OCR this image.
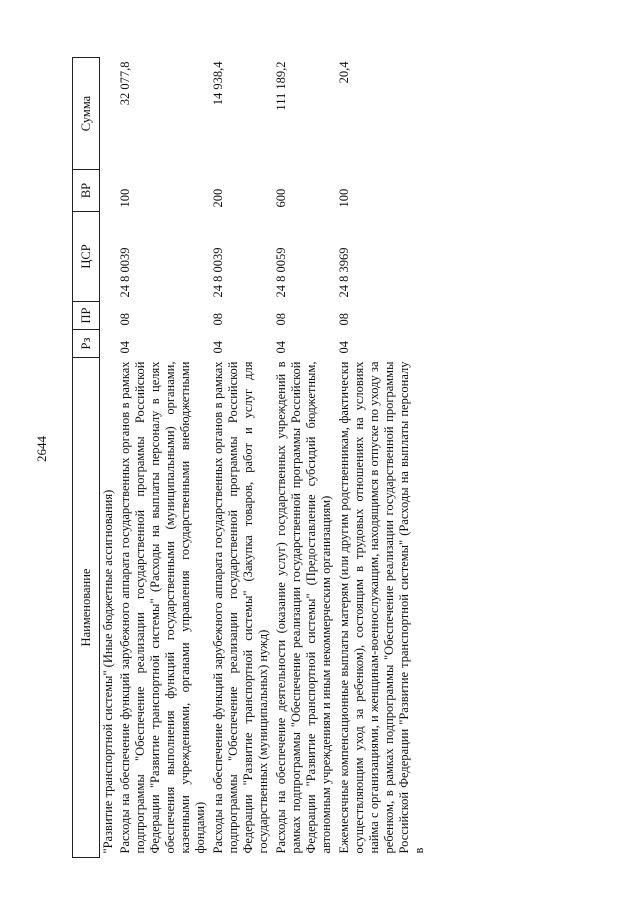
2644
Наименование	Рз	ПР	ЦСР	ВР	Сумма
"Развитие транспортной системы" (Иные бюджетные ассигнования)					
Расходы на обеспечение функций зарубежного аппарата государственных органов в рамках подпрограммы "Обеспечение реализации государственной программы Российской Федерации "Развитие транспортной системы" (Расходы на выплаты персоналу в целях обеспечения выполнения функций государственными (муниципальными) органами, казенными учреждениями, органами управления государственными внебюджетными фондами)	04	08	24 8 0039	100	32 077,8
Расходы на обеспечение функций зарубежного аппарата государственных органов в рамках подпрограммы "Обеспечение реализации государственной программы Российской Федерации "Развитие транспортной системы" (Закупка товаров, работ и услуг для государственных (муниципальных) нужд)	04	08	24 8 0039	200	14 938,4
Расходы на обеспечение деятельности (оказание услуг) государственных учреждений в рамках подпрограммы "Обеспечение реализации государственной программы Российской Федерации "Развитие транспортной системы" (Предоставление субсидий бюджетным, автономным учреждениям и иным некоммерческим организациям)	04	08	24 8 0059	600	111 189,2
Ежемесячные компенсационные выплаты матерям (или другим родственникам, фактически осуществляющим уход за ребенком), состоящим в трудовых отношениях на условиях найма с организациями, и женщинам-военнослужащим, находящимся в отпуске по уходу за ребенком, в рамках подпрограммы "Обеспечение реализации государственной программы Российской Федерации "Развитие транспортной системы" (Расходы на выплаты персоналу в	04	08	24 8 3969	100	20,4
